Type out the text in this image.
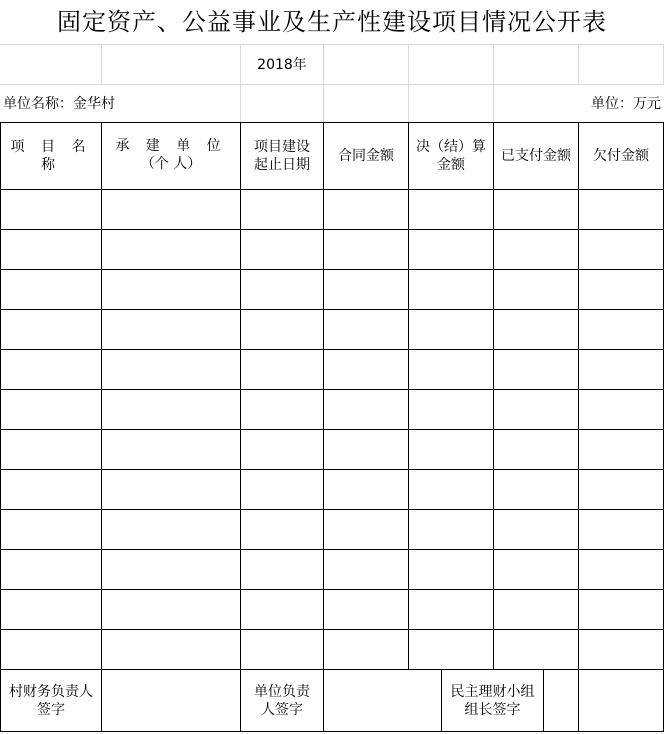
固定资产、公益事业及生产性建设项目情况公开表
2018年
单位名称：金华村	单位：万元
项 目 名 称
承 建 单 位
（个 人）
项目建设
起止日期
合同金额
决（结）算
金额
已支付金额	欠付金额
村财务负责人
签字
单位负责
人签字
民主理财小组
组长签字
